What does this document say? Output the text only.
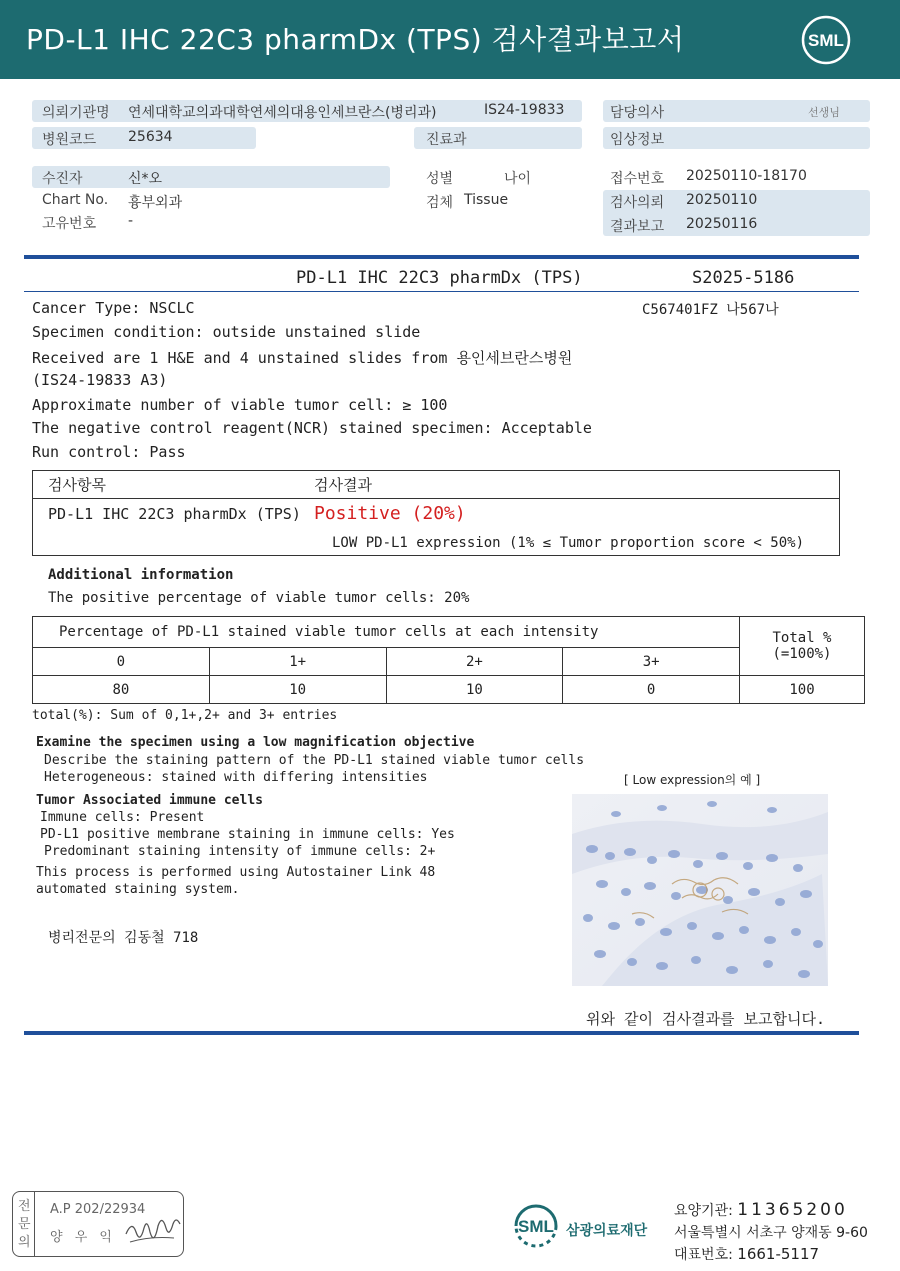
PD-L1 IHC 22C3 pharmDx (TPS) 검사결과보고서	SML
의뢰기관명 연세대학교의과대학연세의대용인세브란스(병리과)	IS24-19833
병원코드 25634	진료과
담당의사	선생님
임상정보
수진자	신*오	성별	나이
Chart No. 흉부외과	검체 Tissue
고유번호 -
접수번호 20250110-18170
검사의뢰 20250110
결과보고 20250116
PD-L1 IHC 22C3 pharmDx (TPS)	S2025-5186
C567401FZ 나567나
Cancer Type: NSCLC
Specimen condition: outside unstained slide
Received are 1 H&E and 4 unstained slides from 용인세브란스병원
(IS24-19833 A3)
Approximate number of viable tumor cell: ≥ 100
The negative control reagent(NCR) stained specimen: Acceptable
Run control: Pass
검사항목	검사결과
PD-L1 IHC 22C3 pharmDx (TPS) Positive (20%)
LOW PD-L1 expression (1% ≤ Tumor proportion score < 50%)
Additional information
The positive percentage of viable tumor cells: 20%
Percentage of PD-L1 stained viable tumor cells at each intensity				Total %
(=100%)

0	1+	2+	3+	
80	10	10	0	100
total(%): Sum of 0,1+,2+ and 3+ entries
Examine the specimen using a low magnification objective
Describe the staining pattern of the PD-L1 stained viable tumor cells
Heterogeneous: stained with differing intensities	[ Low expression의 예 ]
Tumor Associated immune cells
Immune cells: Present
PD-L1 positive membrane staining in immune cells: Yes
Predominant staining intensity of immune cells: 2+
This process is performed using Autostainer Link 48
automated staining system.
병리전문의 김동철 718
위와 같이 검사결과를 보고합니다.
전문의
A.P 202/22934
양 우 익
SML 삼광의료재단
요양기관: 11365200
서울특별시 서초구 양재동 9-60
대표번호: 1661-5117
